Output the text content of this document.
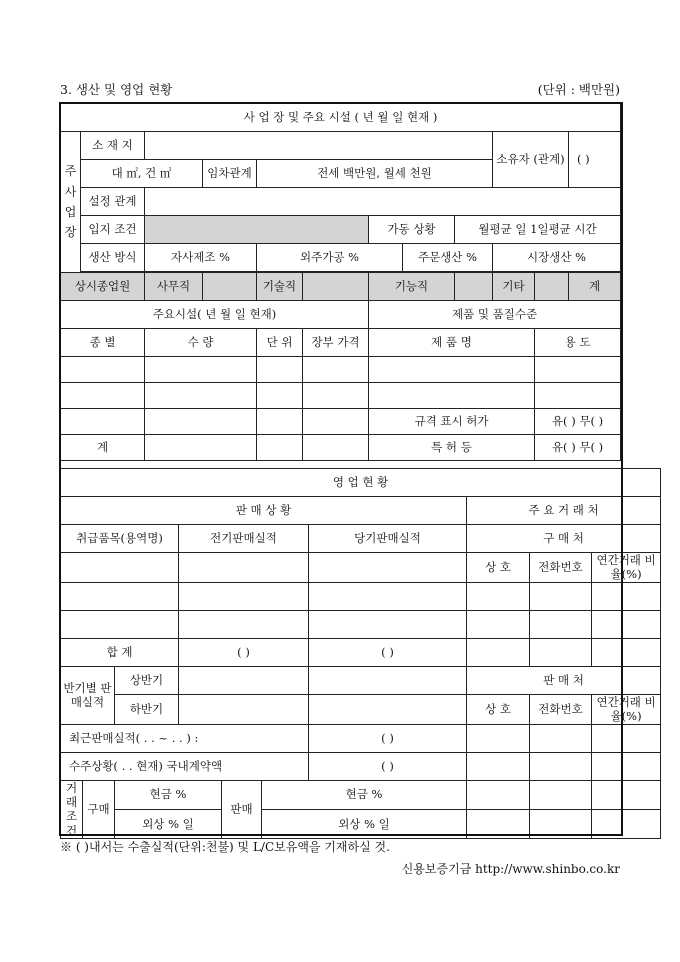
3. 생산 및 영업 현황	(단위 : 백만원)
사 업 장 및 주요 시설 ( 년 월 일 현재 )											
주 사 업 장	소 재 지								소유자 (관계)		( )
	대 ㎡, 건 ㎡		임차관계	전세 백만원, 월세 천원							
	설정 관계										
	입지 조건					가동 상황		월평균 일 1일평균 시간			
	생산 방식	자사제조 %		외주가공 %			주문생산 %		시장생산 %		

상시종업원		사무직		기술직		기능직			기타		계
주요시설( 년 월 일 현재)						제품 및 품질수준					
종 별		수 량		단 위	장부 가격	제 품 명				용 도	

						규격 표시 허가				유( ) 무( )	
계						특 허 등				유( ) 무( )	
영 업 현 황									
판 매 상 황							주 요 거 래 처		
취급품목(용역명)			전기판매실적			당기판매실적	구 매 처		
							상 호	전화번호	연간거래 비율(%)

합 계			( )			( )			
반기별 판매실적		상반기					판 매 처		
		하반기					상 호	전화번호	연간거래 비율(%)
최근판매실적( . . ~ . . ) :						( )			
수주상황( . . 현재) 국내계약액						( )			
거래조건	구매	현금 %		판매	현금 %				
		외상 % 일			외상 % 일				
※ ( )내서는 수출실적(단위:천불) 및 L/C보유액을 기재하실 것.
신용보증기금 http://www.shinbo.co.kr
